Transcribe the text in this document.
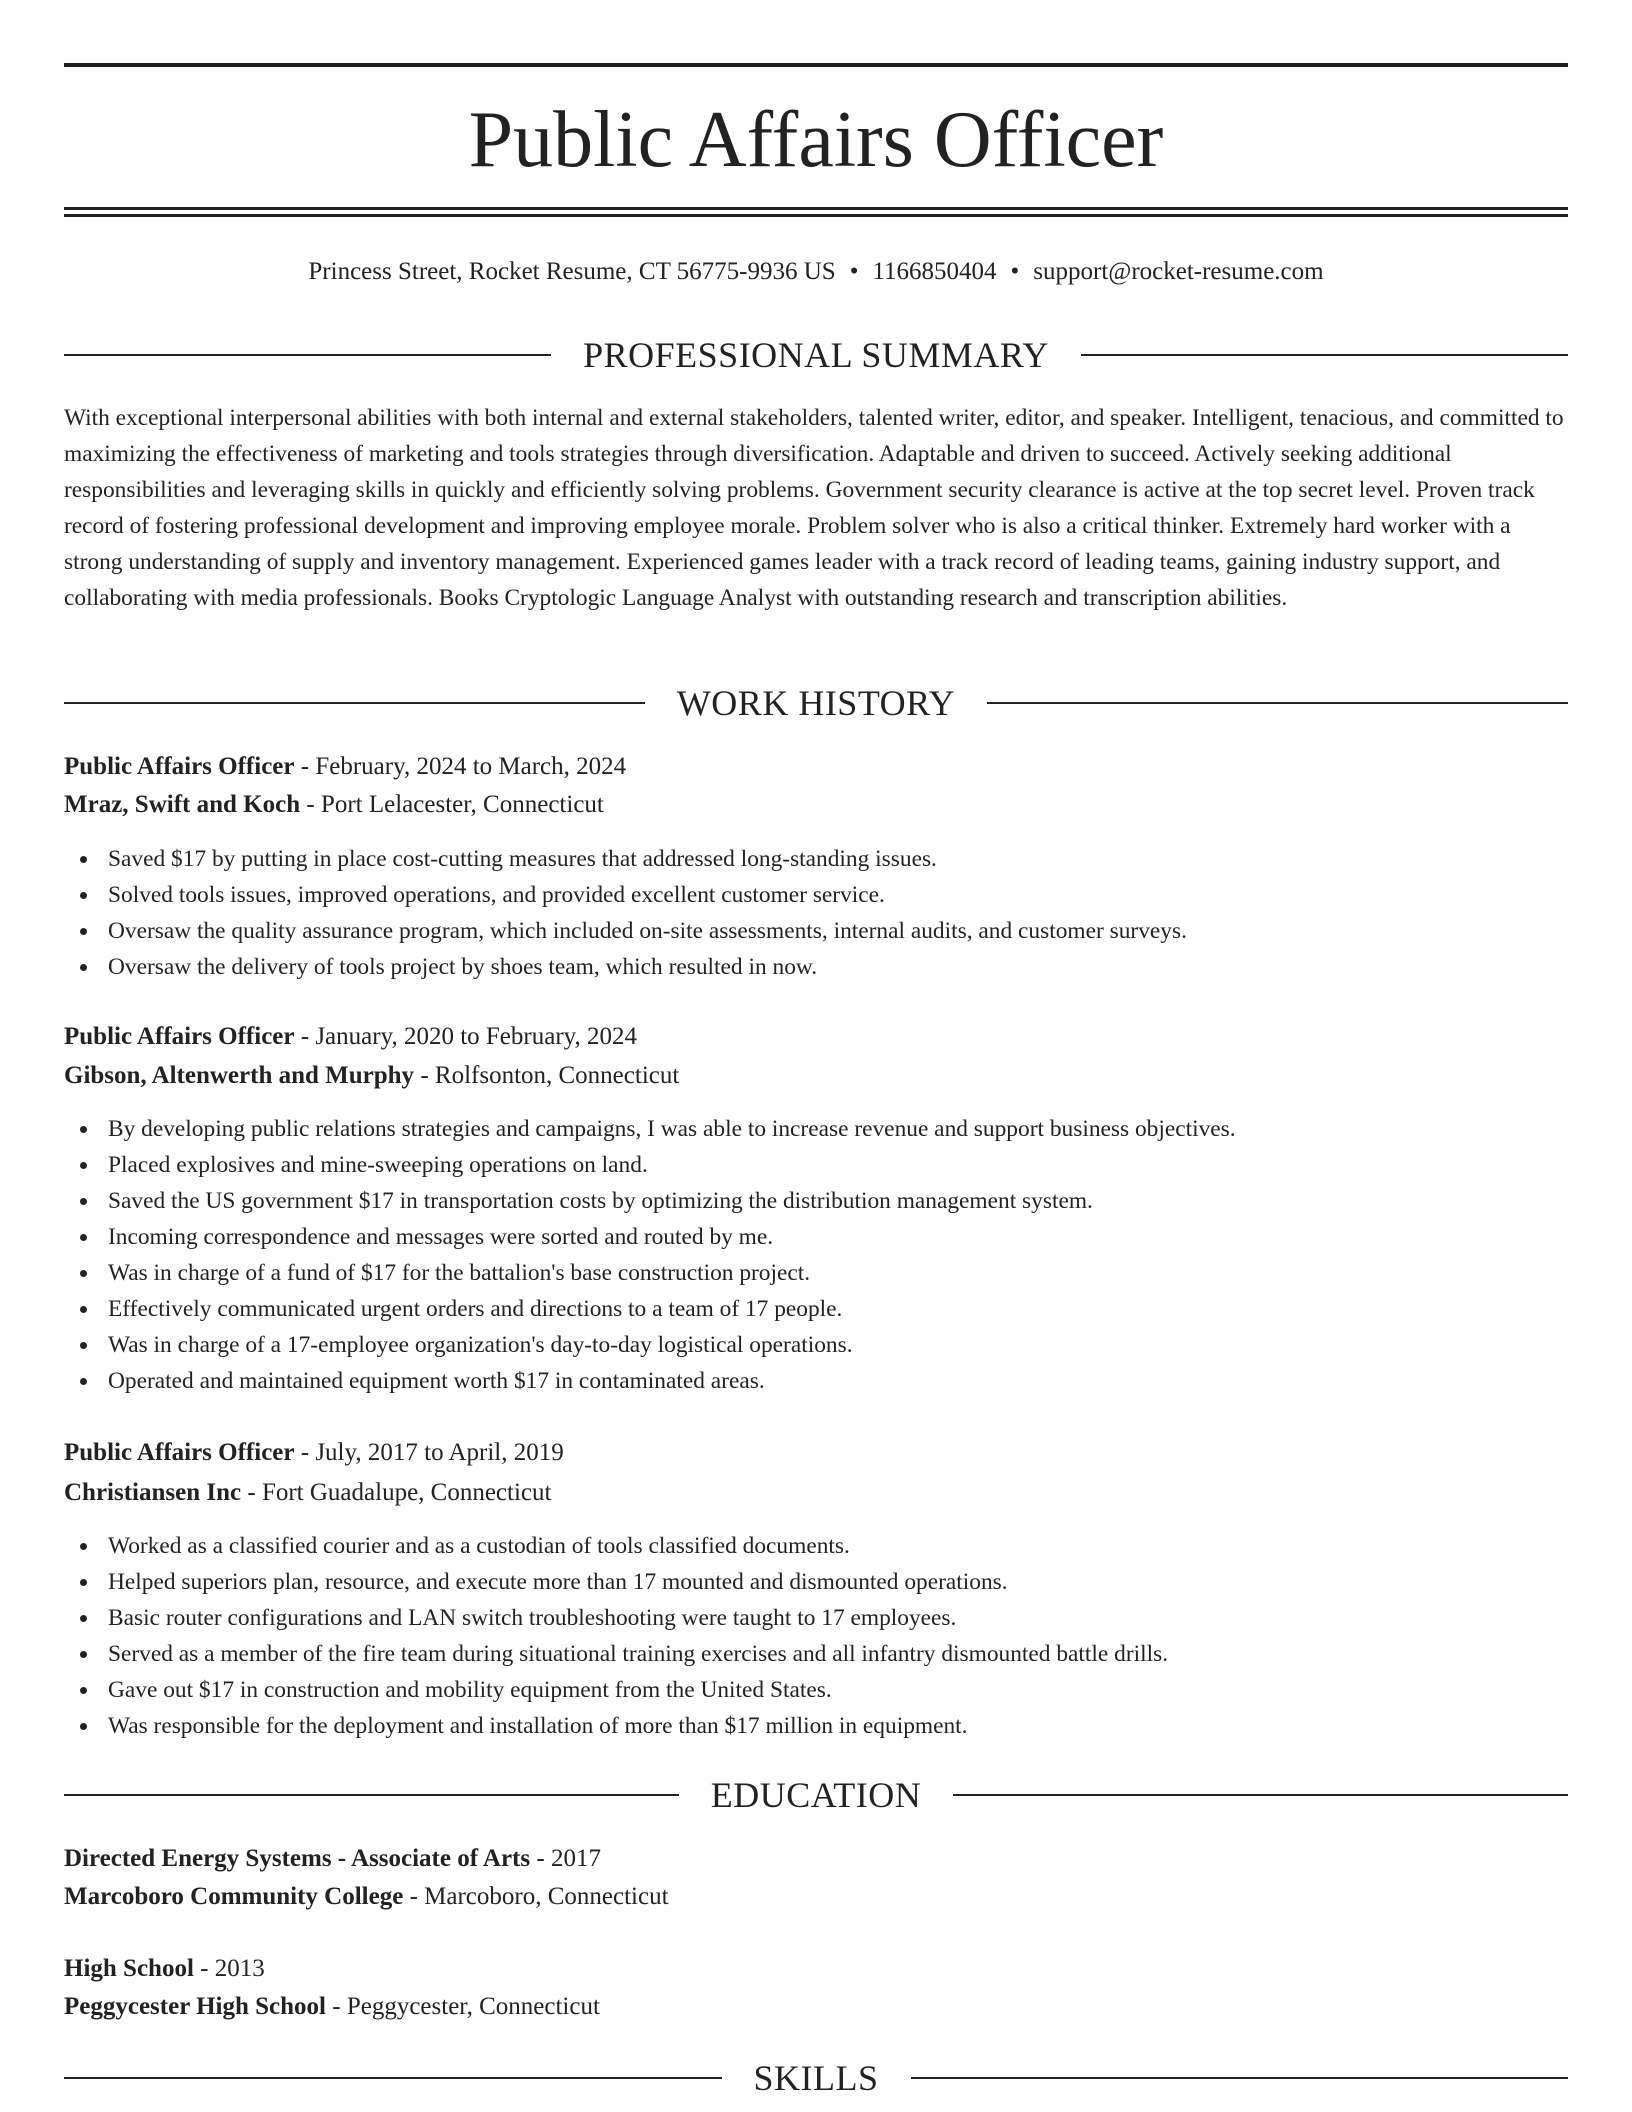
Public Affairs Officer
Princess Street, Rocket Resume, CT 56775-9936 US • 1166850404 • support@rocket-resume.com
PROFESSIONAL SUMMARY

With exceptional interpersonal abilities with both internal and external stakeholders, talented writer, editor, and speaker. Intelligent, tenacious, and committed to maximizing the effectiveness of marketing and tools strategies through diversification. Adaptable and driven to succeed. Actively seeking additional responsibilities and leveraging skills in quickly and efficiently solving problems. Government security clearance is active at the top secret level. Proven track record of fostering professional development and improving employee morale. Problem solver who is also a critical thinker. Extremely hard worker with a strong understanding of supply and inventory management. Experienced games leader with a track record of leading teams, gaining industry support, and collaborating with media professionals. Books Cryptologic Language Analyst with outstanding research and transcription abilities.

WORK HISTORY
Public Affairs Officer - February, 2024 to March, 2024
Mraz, Swift and Koch - Port Lelacester, Connecticut
Saved $17 by putting in place cost-cutting measures that addressed long-standing issues.
Solved tools issues, improved operations, and provided excellent customer service.
Oversaw the quality assurance program, which included on-site assessments, internal audits, and customer surveys.
Oversaw the delivery of tools project by shoes team, which resulted in now.
Public Affairs Officer - January, 2020 to February, 2024
Gibson, Altenwerth and Murphy - Rolfsonton, Connecticut
By developing public relations strategies and campaigns, I was able to increase revenue and support business objectives.
Placed explosives and mine-sweeping operations on land.
Saved the US government $17 in transportation costs by optimizing the distribution management system.
Incoming correspondence and messages were sorted and routed by me.
Was in charge of a fund of $17 for the battalion's base construction project.
Effectively communicated urgent orders and directions to a team of 17 people.
Was in charge of a 17-employee organization's day-to-day logistical operations.
Operated and maintained equipment worth $17 in contaminated areas.
Public Affairs Officer - July, 2017 to April, 2019
Christiansen Inc - Fort Guadalupe, Connecticut
Worked as a classified courier and as a custodian of tools classified documents.
Helped superiors plan, resource, and execute more than 17 mounted and dismounted operations.
Basic router configurations and LAN switch troubleshooting were taught to 17 employees.
Served as a member of the fire team during situational training exercises and all infantry dismounted battle drills.
Gave out $17 in construction and mobility equipment from the United States.
Was responsible for the deployment and installation of more than $17 million in equipment.
EDUCATION
Directed Energy Systems - Associate of Arts - 2017
Marcoboro Community College - Marcoboro, Connecticut
High School - 2013
Peggycester High School - Peggycester, Connecticut
SKILLS
